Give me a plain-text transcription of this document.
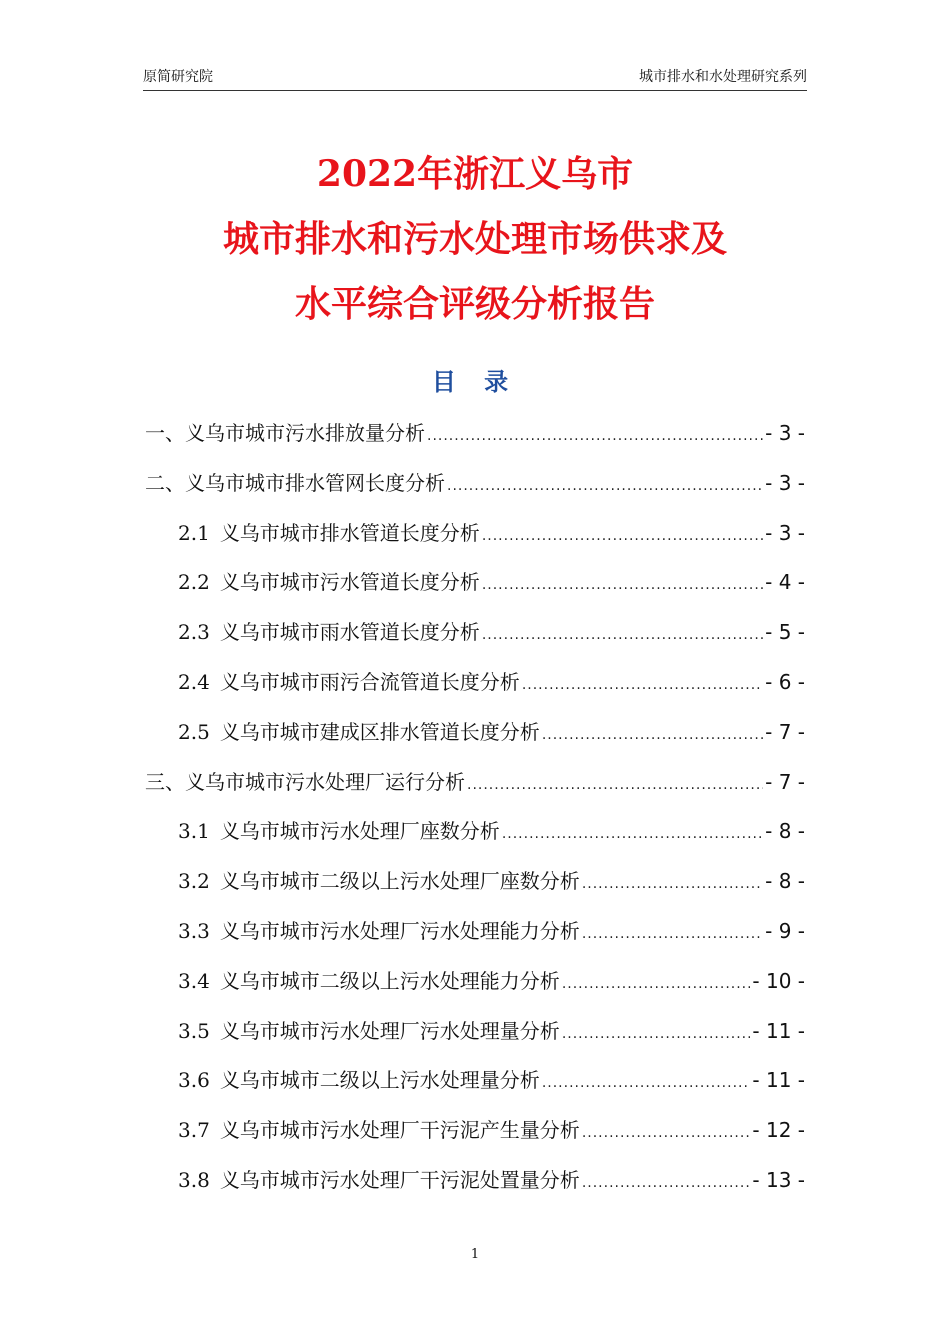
原简研究院	城市排水和水处理研究系列
2022年浙江义乌市
城市排水和污水处理市场供求及
水平综合评级分析报告
目 录
一、义乌市城市污水排放量分析 .....	- 3 -
二、义乌市城市排水管网长度分析 .....	- 3 -
2.1 义乌市城市排水管道长度分析 .....	- 3 -
2.2 义乌市城市污水管道长度分析 .....	- 4 -
2.3 义乌市城市雨水管道长度分析 .....	- 5 -
2.4 义乌市城市雨污合流管道长度分析 .....	- 6 -
2.5 义乌市城市建成区排水管道长度分析 .....	- 7 -
三、义乌市城市污水处理厂运行分析 .....	- 7 -
3.1 义乌市城市污水处理厂座数分析 .....	- 8 -
3.2 义乌市城市二级以上污水处理厂座数分析 .....	- 8 -
3.3 义乌市城市污水处理厂污水处理能力分析 .....	- 9 -
3.4 义乌市城市二级以上污水处理能力分析 .....	- 10 -
3.5 义乌市城市污水处理厂污水处理量分析 .....	- 11 -
3.6 义乌市城市二级以上污水处理量分析 .....	- 11 -
3.7 义乌市城市污水处理厂干污泥产生量分析 .....	- 12 -
3.8 义乌市城市污水处理厂干污泥处置量分析 .....	- 13 -
1
